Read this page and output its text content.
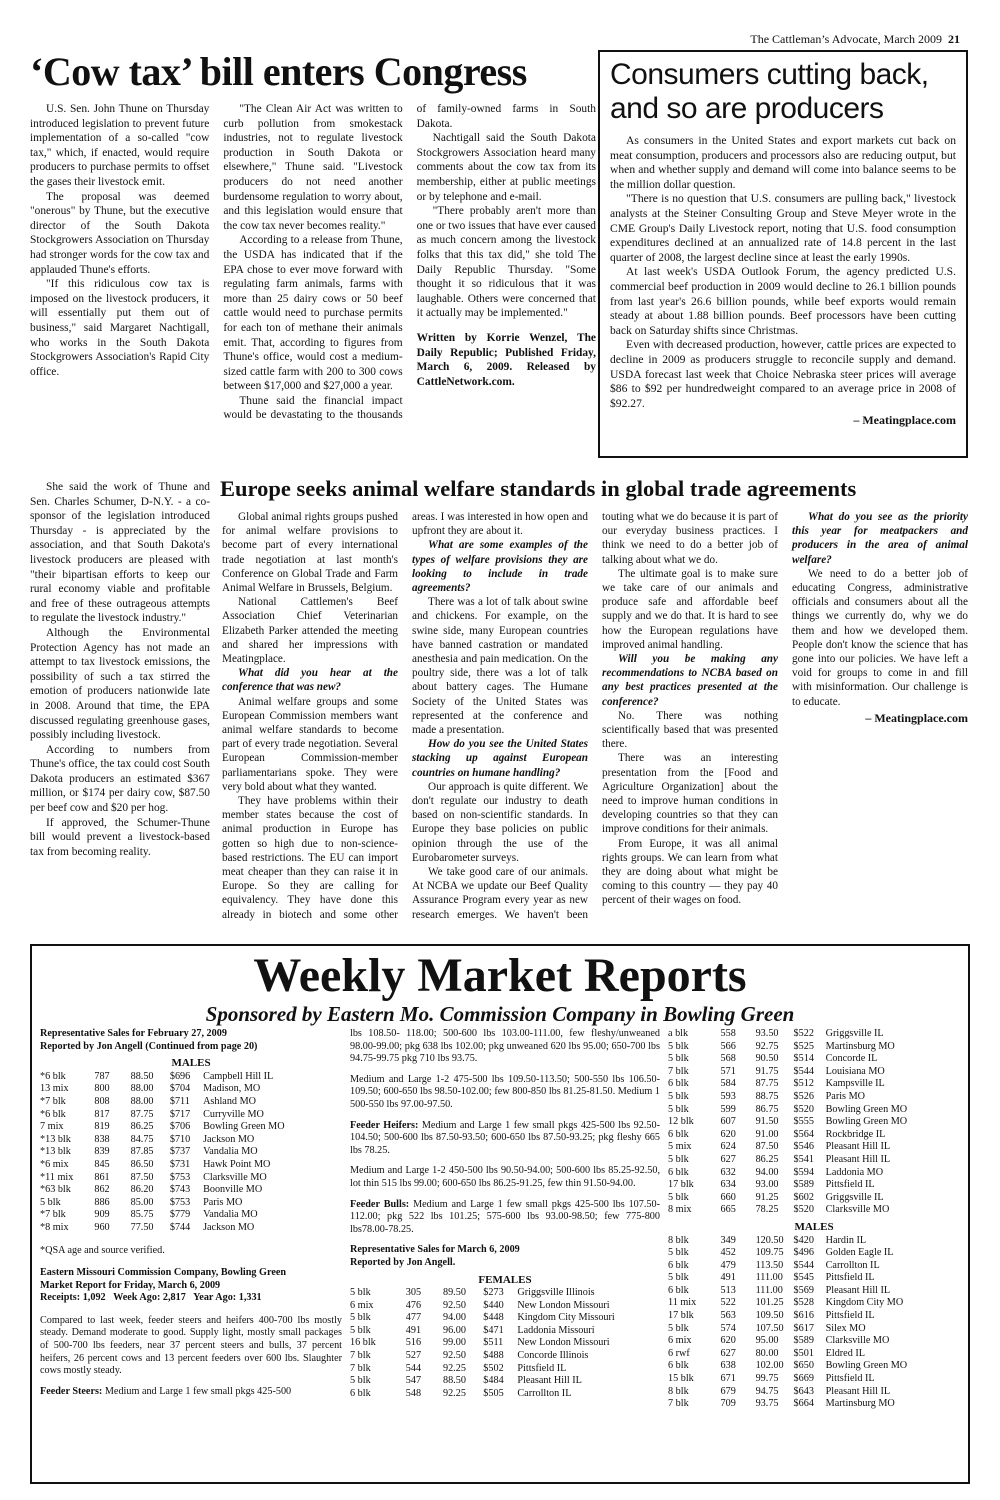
The Cattleman’s Advocate, March 2009 21
‘Cow tax’ bill enters Congress

U.S. Sen. John Thune on Thursday introduced legislation to prevent future implementation of a so-called "cow tax," which, if enacted, would require producers to purchase permits to offset the gases their livestock emit.

The proposal was deemed "onerous" by Thune, but the executive director of the South Dakota Stockgrowers Association on Thursday had stronger words for the cow tax and applauded Thune's efforts.

"If this ridiculous cow tax is imposed on the livestock producers, it will essentially put them out of business," said Margaret Nachtigall, who works in the South Dakota Stockgrowers Association's Rapid City office.

"The Clean Air Act was written to curb pollution from smokestack industries, not to regulate livestock production in South Dakota or elsewhere," Thune said. "Livestock producers do not need another burdensome regulation to worry about, and this legislation would ensure that the cow tax never becomes reality."

According to a release from Thune, the USDA has indicated that if the EPA chose to ever move forward with regulating farm animals, farms with more than 25 dairy cows or 50 beef cattle would need to purchase permits for each ton of methane their animals emit. That, according to figures from Thune's office, would cost a medium-sized cattle farm with 200 to 300 cows between $17,000 and $27,000 a year.

Thune said the financial impact would be devastating to the thousands of family-owned farms in South Dakota.

Nachtigall said the South Dakota Stockgrowers Association heard many comments about the cow tax from its membership, either at public meetings or by telephone and e-mail.

"There probably aren't more than one or two issues that have ever caused as much concern among the livestock folks that this tax did," she told The Daily Republic Thursday. "Some thought it so ridiculous that it was laughable. Others were concerned that it actually may be implemented."

Written by Korrie Wenzel, The Daily Republic; Published Friday, March 6, 2009. Released by CattleNetwork.com.

She said the work of Thune and Sen. Charles Schumer, D-N.Y. - a co-sponsor of the legislation introduced Thursday - is appreciated by the association, and that South Dakota's livestock producers are pleased with "their bipartisan efforts to keep our rural economy viable and profitable and free of these outrageous attempts to regulate the livestock industry."

Although the Environmental Protection Agency has not made an attempt to tax livestock emissions, the possibility of such a tax stirred the emotion of producers nationwide late in 2008. Around that time, the EPA discussed regulating greenhouse gases, possibly including livestock.

According to numbers from Thune's office, the tax could cost South Dakota producers an estimated $367 million, or $174 per dairy cow, $87.50 per beef cow and $20 per hog.

If approved, the Schumer-Thune bill would prevent a livestock-based tax from becoming reality.

Consumers cutting back, and so are producers

As consumers in the United States and export markets cut back on meat consumption, producers and processors also are reducing output, but when and whether supply and demand will come into balance seems to be the million dollar question.

"There is no question that U.S. consumers are pulling back," livestock analysts at the Steiner Consulting Group and Steve Meyer wrote in the CME Group's Daily Livestock report, noting that U.S. food consumption expenditures declined at an annualized rate of 14.8 percent in the last quarter of 2008, the largest decline since at least the early 1990s.

At last week's USDA Outlook Forum, the agency predicted U.S. commercial beef production in 2009 would decline to 26.1 billion pounds from last year's 26.6 billion pounds, while beef exports would remain steady at about 1.88 billion pounds. Beef processors have been cutting back on Saturday shifts since Christmas.

Even with decreased production, however, cattle prices are expected to decline in 2009 as producers struggle to reconcile supply and demand. USDA forecast last week that Choice Nebraska steer prices will average $86 to $92 per hundredweight compared to an average price in 2008 of $92.27.

– Meatingplace.com
Europe seeks animal welfare standards in global trade agreements

Global animal rights groups pushed for animal welfare provisions to become part of every international trade negotiation at last month's Conference on Global Trade and Farm Animal Welfare in Brussels, Belgium.

National Cattlemen's Beef Association Chief Veterinarian Elizabeth Parker attended the meeting and shared her impressions with Meatingplace.

What did you hear at the conference that was new?

Animal welfare groups and some European Commission members want animal welfare standards to become part of every trade negotiation. Several European Commission-member parliamentarians spoke. They were very bold about what they wanted.

They have problems within their member states because the cost of animal production in Europe has gotten so high due to non-science-based restrictions. The EU can import meat cheaper than they can raise it in Europe. So they are calling for equivalency. They have done this already in biotech and some other areas. I was interested in how open and upfront they are about it.

What are some examples of the types of welfare provisions they are looking to include in trade agreements?

There was a lot of talk about swine and chickens. For example, on the swine side, many European countries have banned castration or mandated anesthesia and pain medication. On the poultry side, there was a lot of talk about battery cages. The Humane Society of the United States was represented at the conference and made a presentation.

How do you see the United States stacking up against European countries on humane handling?

Our approach is quite different. We don't regulate our industry to death based on non-scientific standards. In Europe they base policies on public opinion through the use of the Eurobarometer surveys.

We take good care of our animals. At NCBA we update our Beef Quality Assurance Program every year as new research emerges. We haven't been touting what we do because it is part of our everyday business practices. I think we need to do a better job of talking about what we do.

The ultimate goal is to make sure we take care of our animals and produce safe and affordable beef supply and we do that. It is hard to see how the European regulations have improved animal handling.

Will you be making any recommendations to NCBA based on any best practices presented at the conference?

No. There was nothing scientifically based that was presented there.

There was an interesting presentation from the [Food and Agriculture Organization] about the need to improve human conditions in developing countries so that they can improve conditions for their animals.

From Europe, it was all animal rights groups. We can learn from what they are doing about what might be coming to this country — they pay 40 percent of their wages on food.

What do you see as the priority this year for meatpackers and producers in the area of animal welfare?

We need to do a better job of educating Congress, administrative officials and consumers about all the things we currently do, why we do them and how we developed them. People don't know the science that has gone into our policies. We have left a void for groups to come in and fill with misinformation. Our challenge is to educate.

– Meatingplace.com
Weekly Market Reports
Sponsored by Eastern Mo. Commission Company in Bowling Green

Representative Sales for February 27, 2009

Reported by Jon Angell (Continued from page 20)

MALES
*6 blk	787	88.50	$696	Campbell Hill IL
13 mix	800	88.00	$704	Madison, MO
*7 blk	808	88.00	$711	Ashland MO
*6 blk	817	87.75	$717	Curryville MO
7 mix	819	86.25	$706	Bowling Green MO
*13 blk	838	84.75	$710	Jackson MO
*13 blk	839	87.85	$737	Vandalia MO
*6 mix	845	86.50	$731	Hawk Point MO
*11 mix	861	87.50	$753	Clarksville MO
*63 blk	862	86.20	$743	Boonville MO
5 blk	886	85.00	$753	Paris MO
*7 blk	909	85.75	$779	Vandalia MO
*8 mix	960	77.50	$744	Jackson MO

*QSA age and source verified.

Eastern Missouri Commission Company, Bowling Green

Market Report for Friday, March 6, 2009

Receipts: 1,092   Week Ago: 2,817   Year Ago: 1,331

Compared to last week, feeder steers and heifers 400-700 lbs mostly steady. Demand moderate to good. Supply light, mostly small packages of 500-700 lbs feeders, near 37 percent steers and bulls, 37 percent heifers, 26 percent cows and 13 percent feeders over 600 lbs. Slaughter cows mostly steady.

Feeder Steers: Medium and Large 1 few small pkgs 425-500

lbs 108.50- 118.00; 500-600 lbs 103.00-111.00, few fleshy/unweaned 98.00-99.00; pkg 638 lbs 102.00; pkg unweaned 620 lbs 95.00; 650-700 lbs 94.75-99.75 pkg 710 lbs 93.75.

Medium and Large 1-2 475-500 lbs 109.50-113.50; 500-550 lbs 106.50-109.50; 600-650 lbs 98.50-102.00; few 800-850 lbs 81.25-81.50. Medium 1 500-550 lbs 97.00-97.50.

Feeder Heifers: Medium and Large 1 few small pkgs 425-500 lbs 92.50-104.50; 500-600 lbs 87.50-93.50; 600-650 lbs 87.50-93.25; pkg fleshy 665 lbs 78.25.

Medium and Large 1-2 450-500 lbs 90.50-94.00; 500-600 lbs 85.25-92.50, lot thin 515 lbs 99.00; 600-650 lbs 86.25-91.25, few thin 91.50-94.00.

Feeder Bulls: Medium and Large 1 few small pkgs 425-500 lbs 107.50-112.00; pkg 522 lbs 101.25; 575-600 lbs 93.00-98.50; few 775-800 lbs78.00-78.25.

Representative Sales for March 6, 2009

Reported by Jon Angell.

FEMALES
5 blk	305	89.50	$273	Griggsville Illinois
6 mix	476	92.50	$440	New London Missouri
5 blk	477	94.00	$448	Kingdom City Missouri
5 blk	491	96.00	$471	Laddonia Missouri
16 blk	516	99.00	$511	New London Missouri
7 blk	527	92.50	$488	Concorde Illinois
7 blk	544	92.25	$502	Pittsfield IL
5 blk	547	88.50	$484	Pleasant Hill IL
6 blk	548	92.25	$505	Carrollton IL
a blk	558	93.50	$522	Griggsville IL
5 blk	566	92.75	$525	Martinsburg MO
5 blk	568	90.50	$514	Concorde IL
7 blk	571	91.75	$544	Louisiana MO
6 blk	584	87.75	$512	Kampsville IL
5 blk	593	88.75	$526	Paris MO
5 blk	599	86.75	$520	Bowling Green MO
12 blk	607	91.50	$555	Bowling Green MO
6 blk	620	91.00	$564	Rockbridge IL
5 mix	624	87.50	$546	Pleasant Hill IL
5 blk	627	86.25	$541	Pleasant Hill IL
6 blk	632	94.00	$594	Laddonia MO
17 blk	634	93.00	$589	Pittsfield IL
5 blk	660	91.25	$602	Griggsville IL
8 mix	665	78.25	$520	Clarksville MO
MALES
8 blk	349	120.50	$420	Hardin IL
5 blk	452	109.75	$496	Golden Eagle IL
6 blk	479	113.50	$544	Carrollton IL
5 blk	491	111.00	$545	Pittsfield IL
6 blk	513	111.00	$569	Pleasant Hill IL
11 mix	522	101.25	$528	Kingdom City MO
17 blk	563	109.50	$616	Pittsfield IL
5 blk	574	107.50	$617	Silex MO
6 mix	620	95.00	$589	Clarksville MO
6 rwf	627	80.00	$501	Eldred IL
6 blk	638	102.00	$650	Bowling Green MO
15 blk	671	99.75	$669	Pittsfield IL
8 blk	679	94.75	$643	Pleasant Hill IL
7 blk	709	93.75	$664	Martinsburg MO
